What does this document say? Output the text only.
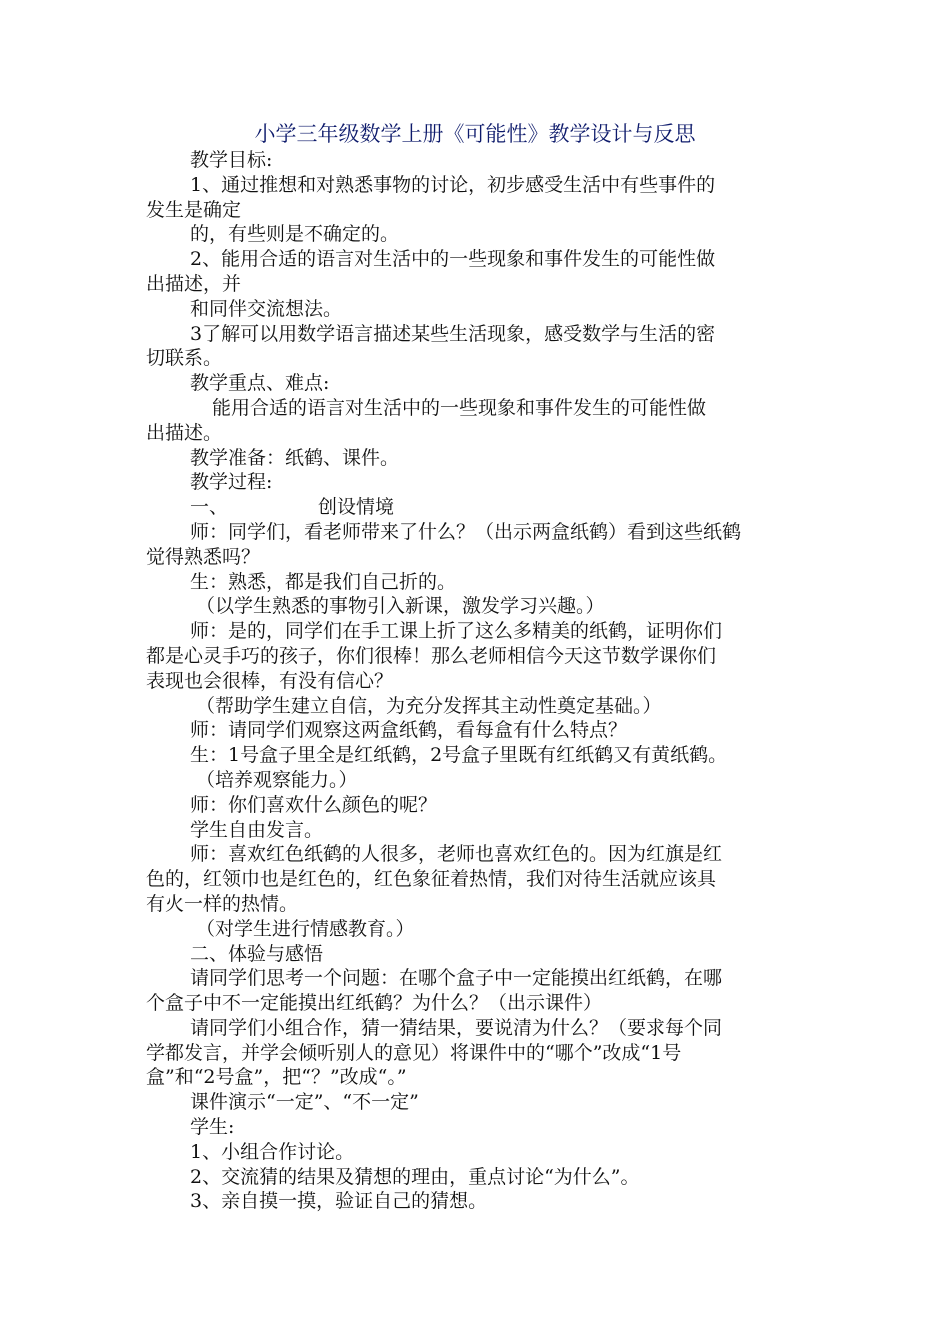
小学三年级数学上册《可能性》教学设计与反思
教学目标:
1、通过推想和对熟悉事物的讨论，初步感受生活中有些事件的
发生是确定
的，有些则是不确定的。
2、能用合适的语言对生活中的一些现象和事件发生的可能性做
出描述，并
和同伴交流想法。
3了解可以用数学语言描述某些生活现象，感受数学与生活的密
切联系。
教学重点、难点:
能用合适的语言对生活中的一些现象和事件发生的可能性做
出描述。
教学准备：纸鹤、课件。
教学过程:
一、	创设情境
师：同学们，看老师带来了什么？（出示两盒纸鹤）看到这些纸鹤
觉得熟悉吗？
生：熟悉，都是我们自己折的。
（以学生熟悉的事物引入新课，激发学习兴趣。）
师：是的，同学们在手工课上折了这么多精美的纸鹤，证明你们
都是心灵手巧的孩子，你们很棒！那么老师相信今天这节数学课你们
表现也会很棒，有没有信心？
（帮助学生建立自信，为充分发挥其主动性奠定基础。）
师：请同学们观察这两盒纸鹤，看每盒有什么特点？
生：1号盒子里全是红纸鹤，2号盒子里既有红纸鹤又有黄纸鹤。
（培养观察能力。）
师：你们喜欢什么颜色的呢？
学生自由发言。
师：喜欢红色纸鹤的人很多，老师也喜欢红色的。因为红旗是红
色的，红领巾也是红色的，红色象征着热情，我们对待生活就应该具
有火一样的热情。
（对学生进行情感教育。）
二、体验与感悟
请同学们思考一个问题：在哪个盒子中一定能摸出红纸鹤，在哪
个盒子中不一定能摸出红纸鹤？为什么？（出示课件）
请同学们小组合作，猜一猜结果，要说清为什么？（要求每个同
学都发言，并学会倾听别人的意见）将课件中的“哪个”改成“1号
盒”和“2号盒”，把“？”改成“。”
课件演示“一定”、“不一定”
学生:
1、小组合作讨论。
2、交流猜的结果及猜想的理由，重点讨论“为什么”。
3、亲自摸一摸，验证自己的猜想。
